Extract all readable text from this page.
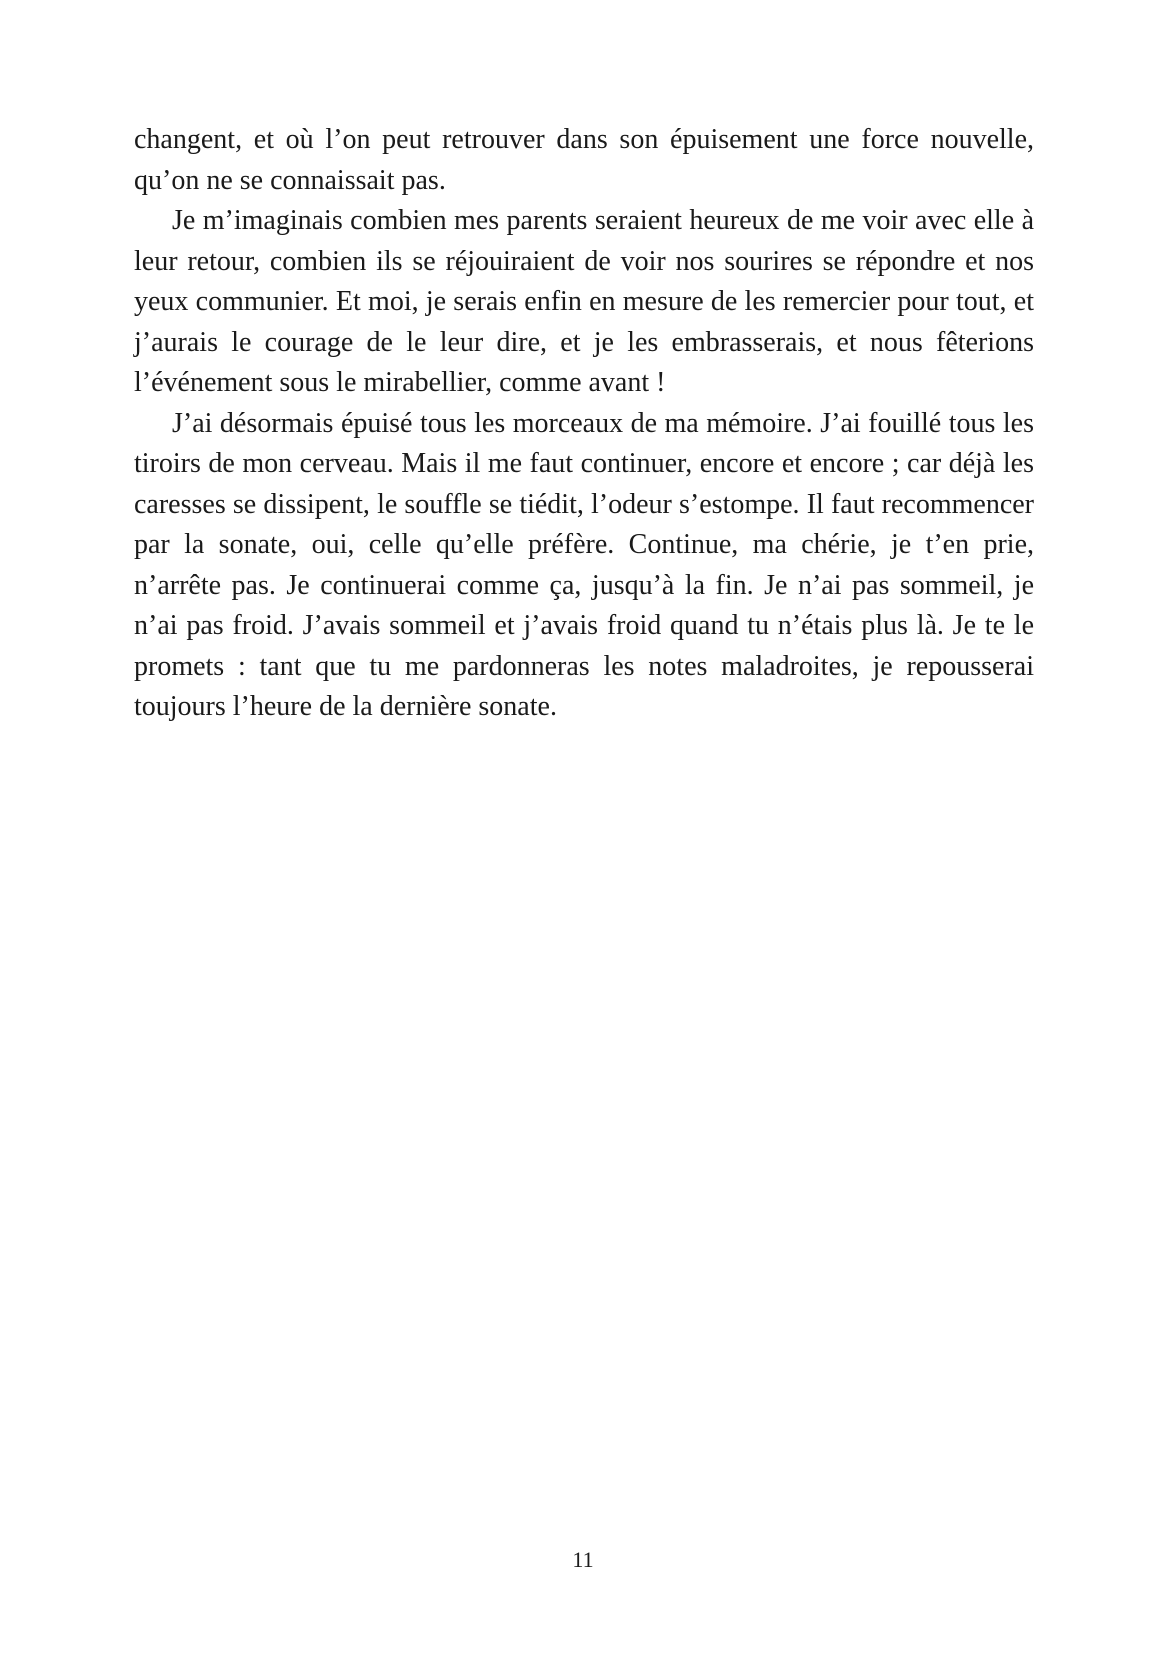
changent, et où l’on peut retrouver dans son épuisement une force nouvelle, qu’on ne se connaissait pas.

Je m’imaginais combien mes parents seraient heureux de me voir avec elle à leur retour, combien ils se réjouiraient de voir nos sourires se répondre et nos yeux communier. Et moi, je serais enfin en mesure de les remercier pour tout, et j’aurais le courage de le leur dire, et je les embrasserais, et nous fêterions l’événement sous le mirabellier, comme avant !

J’ai désormais épuisé tous les morceaux de ma mémoire. J’ai fouillé tous les tiroirs de mon cerveau. Mais il me faut continuer, encore et encore ; car déjà les caresses se dissipent, le souffle se tiédit, l’odeur s’estompe. Il faut recommencer par la sonate, oui, celle qu’elle préfère. Continue, ma chérie, je t’en prie, n’arrête pas. Je continuerai comme ça, jusqu’à la fin. Je n’ai pas sommeil, je n’ai pas froid. J’avais sommeil et j’avais froid quand tu n’étais plus là. Je te le promets : tant que tu me pardonneras les notes maladroites, je repousserai toujours l’heure de la dernière sonate.

11
